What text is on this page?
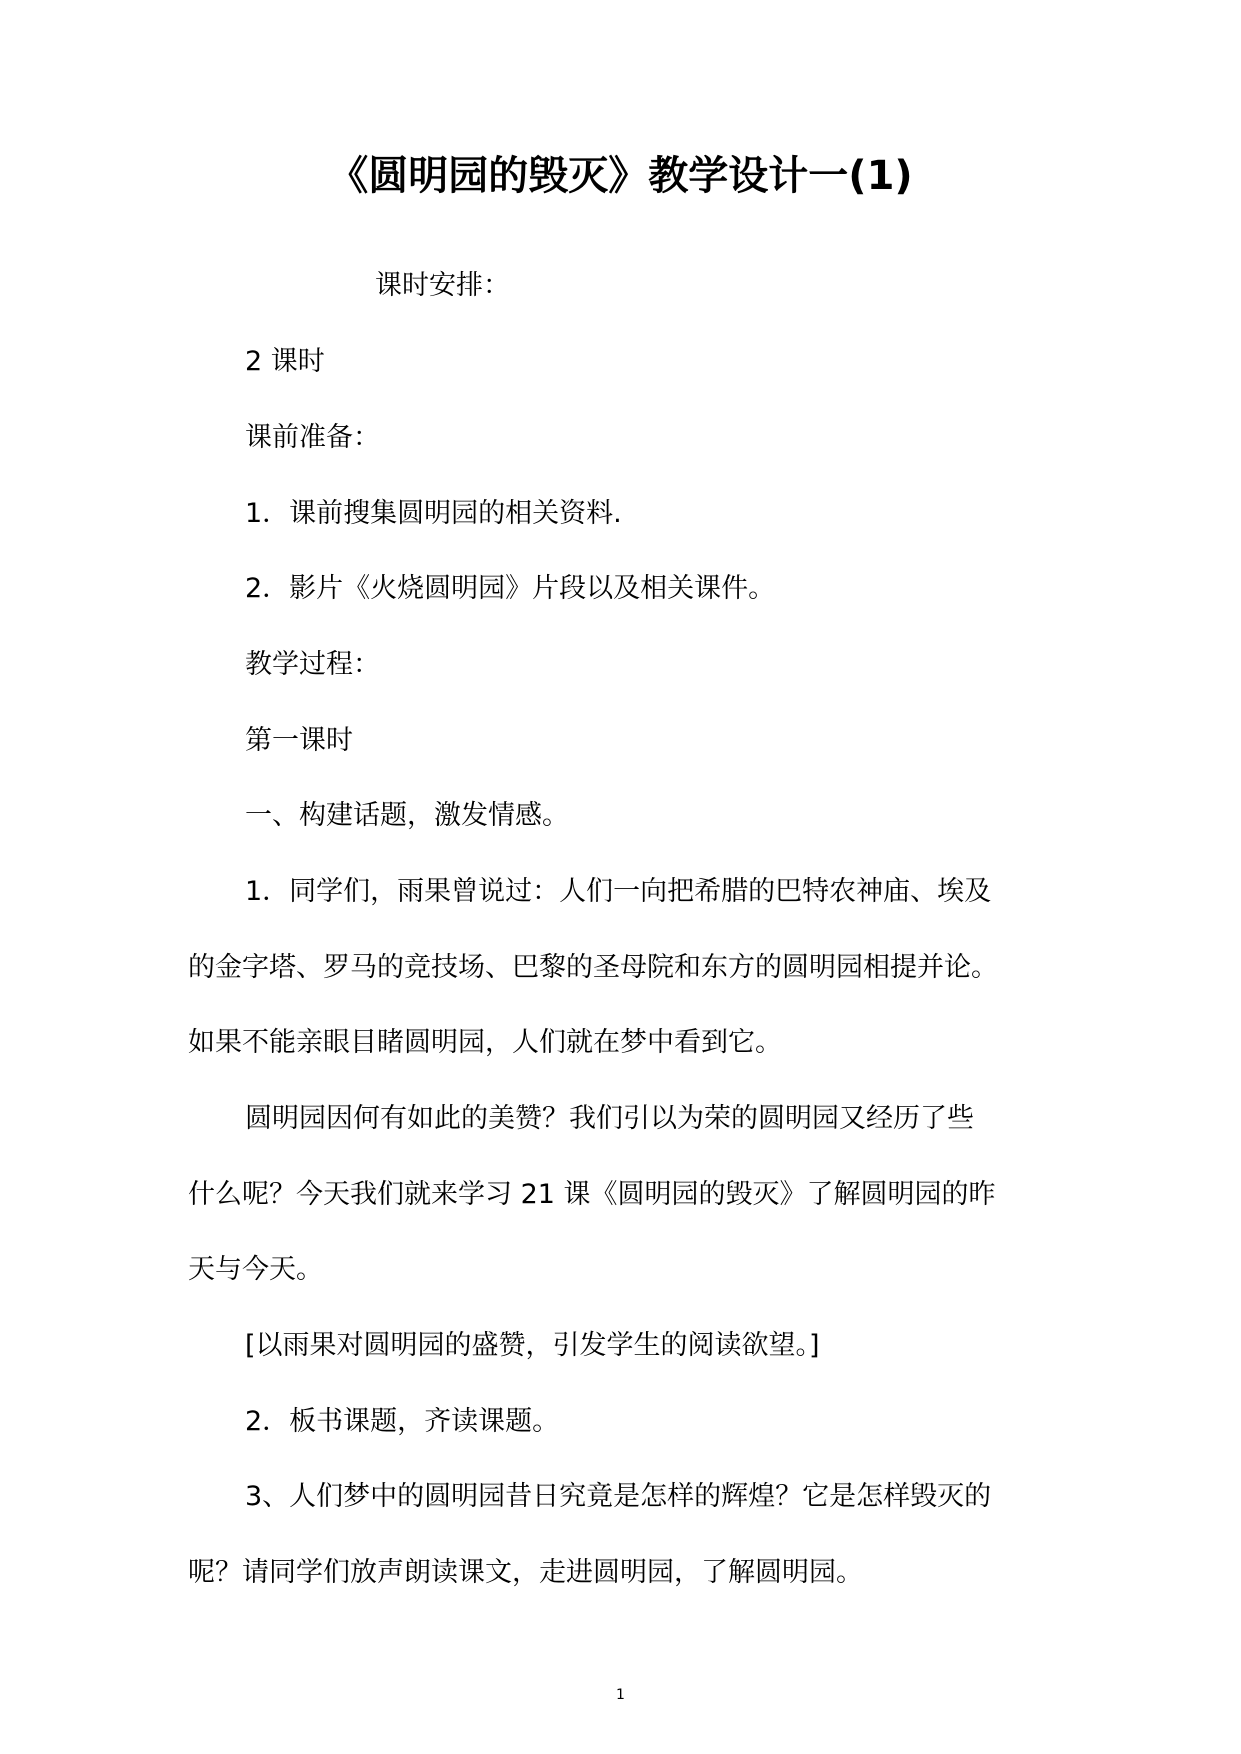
《圆明园的毁灭》教学设计一(1)
课时安排：
2 课时
课前准备：
1．课前搜集圆明园的相关资料.
2．影片《火烧圆明园》片段以及相关课件。
教学过程：
第一课时
一、构建话题，激发情感。
1．同学们，雨果曾说过：人们一向把希腊的巴特农神庙、埃及
的金字塔、罗马的竞技场、巴黎的圣母院和东方的圆明园相提并论。
如果不能亲眼目睹圆明园，人们就在梦中看到它。
圆明园因何有如此的美赞？我们引以为荣的圆明园又经历了些
什么呢？今天我们就来学习 21 课《圆明园的毁灭》了解圆明园的昨
天与今天。
[以雨果对圆明园的盛赞，引发学生的阅读欲望。]
2．板书课题，齐读课题。
3、人们梦中的圆明园昔日究竟是怎样的辉煌？它是怎样毁灭的
呢？请同学们放声朗读课文，走进圆明园，了解圆明园。
1
